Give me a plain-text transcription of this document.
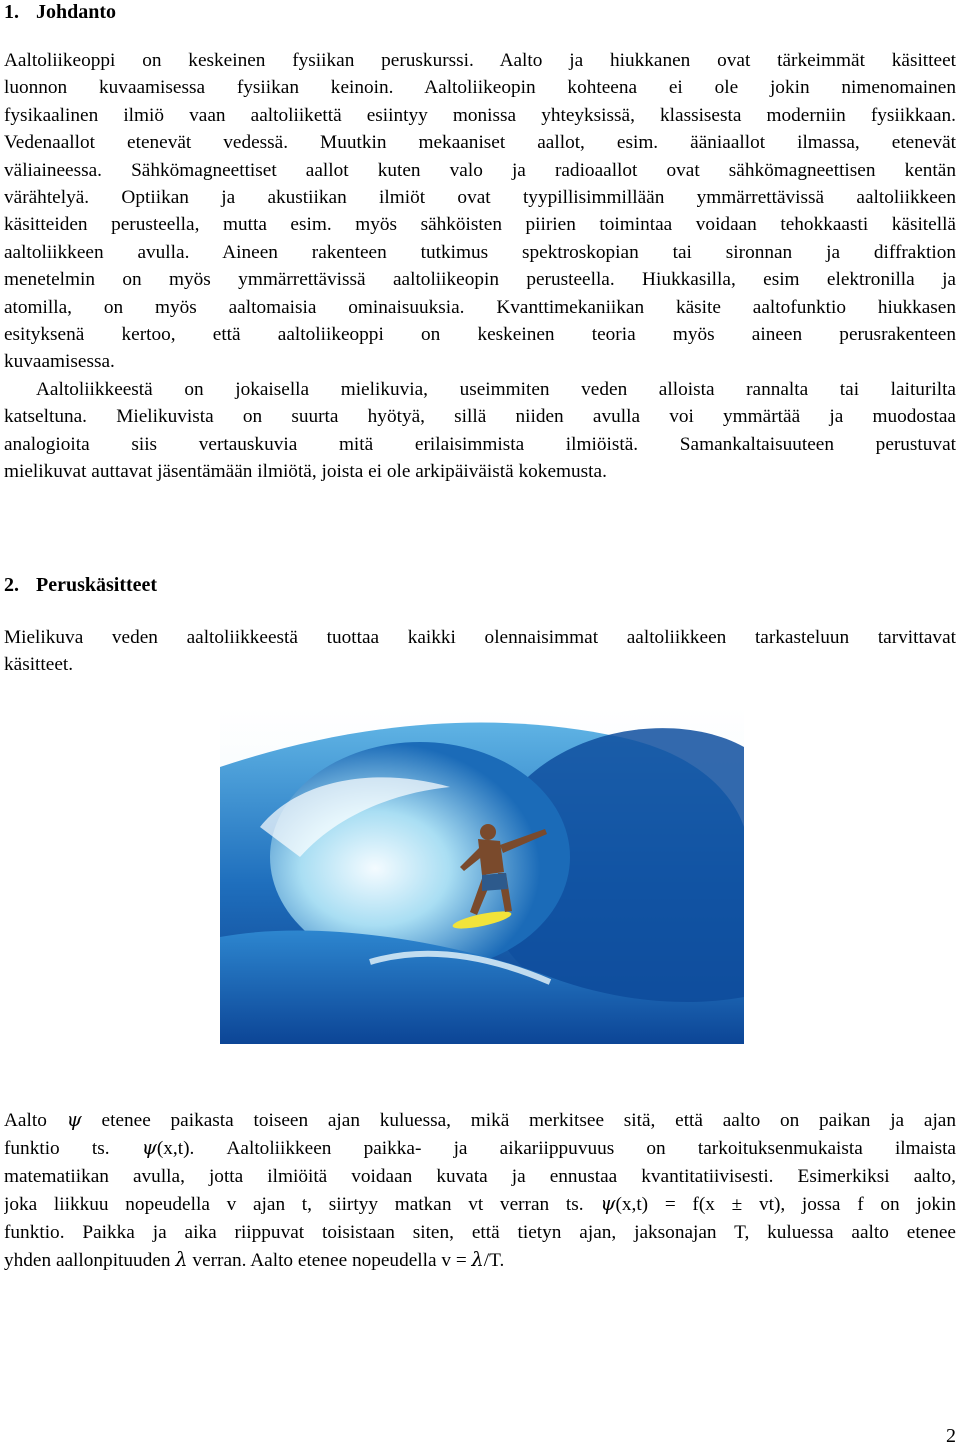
1. Johdanto
Aaltoliikeoppi on keskeinen fysiikan peruskurssi. Aalto ja hiukkanen ovat tärkeimmät käsitteet
luonnon kuvaamisessa fysiikan keinoin. Aaltoliikeopin kohteena ei ole jokin nimenomainen
fysikaalinen ilmiö vaan aaltoliikettä esiintyy monissa yhteyksissä, klassisesta moderniin fysiikkaan.
Vedenaallot etenevät vedessä. Muutkin mekaaniset aallot, esim. ääniaallot ilmassa, etenevät
väliaineessa. Sähkömagneettiset aallot kuten valo ja radioaallot ovat sähkömagneettisen kentän
värähtelyä. Optiikan ja akustiikan ilmiöt ovat tyypillisimmillään ymmärrettävissä aaltoliikkeen
käsitteiden perusteella, mutta esim. myös sähköisten piirien toimintaa voidaan tehokkaasti käsitellä
aaltoliikkeen avulla. Aineen rakenteen tutkimus spektroskopian tai sironnan ja diffraktion
menetelmin on myös ymmärrettävissä aaltoliikeopin perusteella. Hiukkasilla, esim elektronilla ja
atomilla, on myös aaltomaisia ominaisuuksia. Kvanttimekaniikan käsite aaltofunktio hiukkasen
esityksenä kertoo, että aaltoliikeoppi on keskeinen teoria myös aineen perusrakenteen
kuvaamisessa.
Aaltoliikkeestä on jokaisella mielikuvia, useimmiten veden alloista rannalta tai laiturilta
katseltuna. Mielikuvista on suurta hyötyä, sillä niiden avulla voi ymmärtää ja muodostaa
analogioita siis vertauskuvia mitä erilaisimmista ilmiöistä. Samankaltaisuuteen perustuvat
mielikuvat auttavat jäsentämään ilmiötä, joista ei ole arkipäiväistä kokemusta.
2. Peruskäsitteet
Mielikuva veden aaltoliikkeestä tuottaa kaikki olennaisimmat aaltoliikkeen tarkasteluun tarvittavat
käsitteet.
Aalto ψ etenee paikasta toiseen ajan kuluessa, mikä merkitsee sitä, että aalto on paikan ja ajan
funktio ts. ψ(x,t). Aaltoliikkeen paikka- ja aikariippuvuus on tarkoituksenmukaista ilmaista
matematiikan avulla, jotta ilmiöitä voidaan kuvata ja ennustaa kvantitatiivisesti. Esimerkiksi aalto,
joka liikkuu nopeudella v ajan t, siirtyy matkan vt verran ts. ψ(x,t) = f(x ± vt), jossa f on jokin
funktio. Paikka ja aika riippuvat toisistaan siten, että tietyn ajan, jaksonajan T, kuluessa aalto etenee
yhden aallonpituuden λ verran. Aalto etenee nopeudella v = λ/T.
2
